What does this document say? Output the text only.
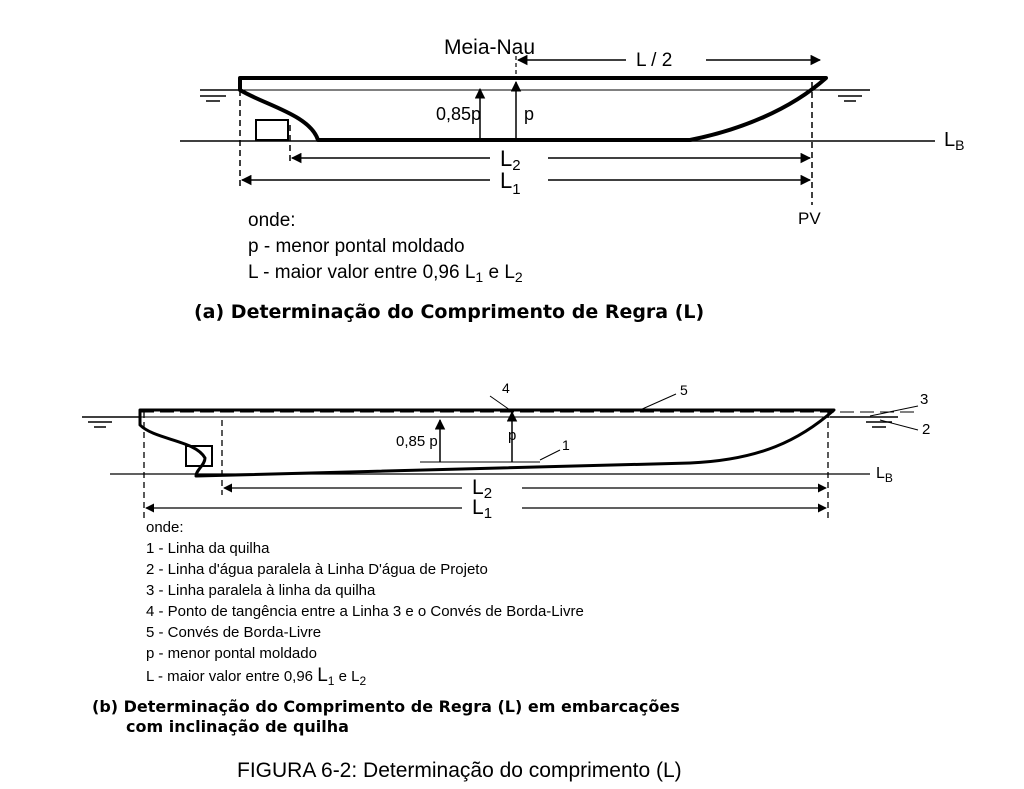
Meia-Nau
L / 2
0,85p p
$L_B$
L2
$L_1$
PV
onde:
p - menor pontal moldado
L - maior valor entre 0,96 $L_1$ e $L_2$
(a) Determinação do Comprimento de Regra (L)
4	5
3
2
1
0,85 p	p
$L_B$
L2
L1
onde:
1 - Linha da quilha
2 - Linha d'água paralela à Linha D'água de Projeto
3 - Linha paralela à linha da quilha
4 - Ponto de tangência entre a Linha 3 e o Convés de Borda-Livre
5 - Convés de Borda-Livre
p - menor pontal moldado
L - maior valor entre 0,96 $L_1$ e $L_2$
(b) Determinação do Comprimento de Regra (L) em embarcações
com inclinação de quilha
FIGURA 6-2: Determinação do comprimento (L)
